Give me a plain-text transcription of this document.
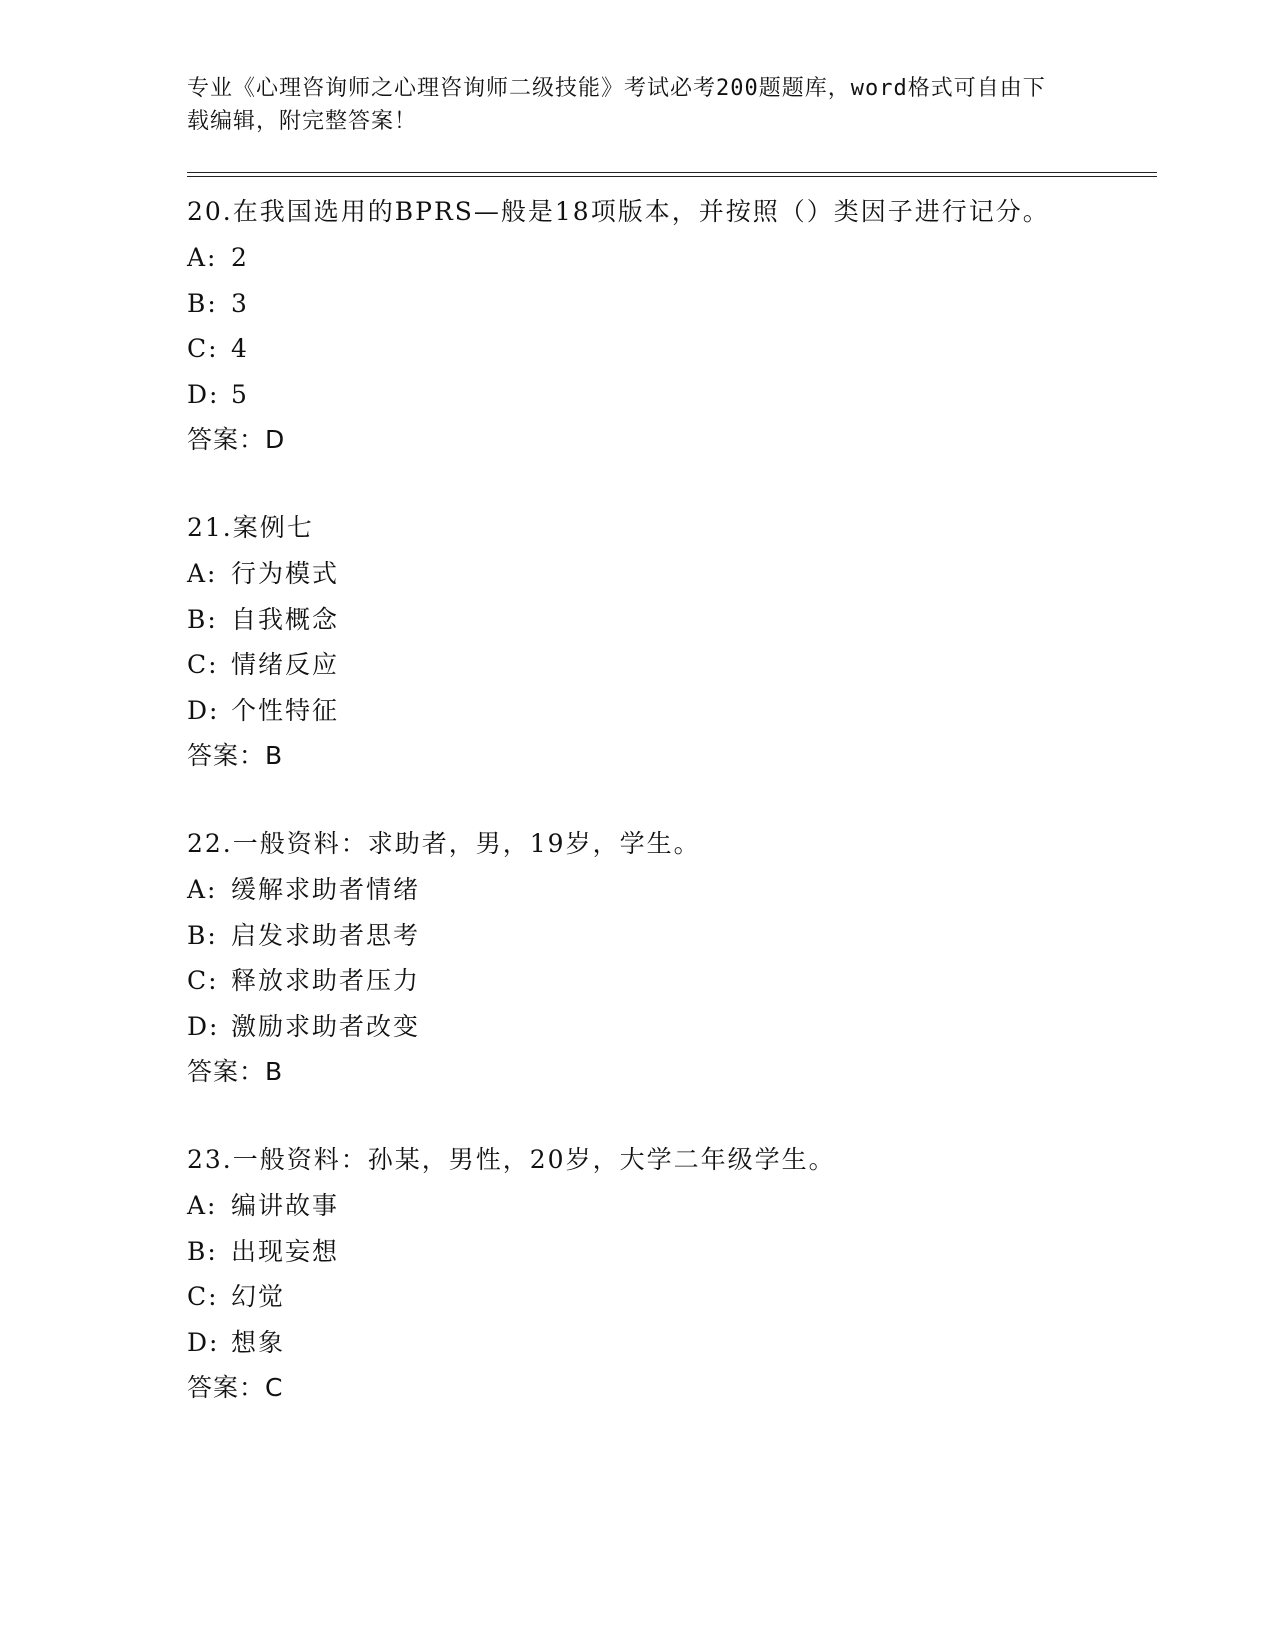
专业《心理咨询师之心理咨询师二级技能》考试必考200题题库，word格式可自由下载编辑，附完整答案！
20.在我国选用的BPRS—般是18项版本，并按照（）类因子进行记分。
A: 2
B: 3
C: 4
D: 5
答案：D
21.案例七
A: 行为模式
B: 自我概念
C: 情绪反应
D: 个性特征
答案：B
22.一般资料：求助者，男，19岁，学生。
A: 缓解求助者情绪
B: 启发求助者思考
C: 释放求助者压力
D: 激励求助者改变
答案：B
23.一般资料：孙某，男性，20岁，大学二年级学生。
A: 编讲故事
B: 出现妄想
C: 幻觉
D: 想象
答案：C
